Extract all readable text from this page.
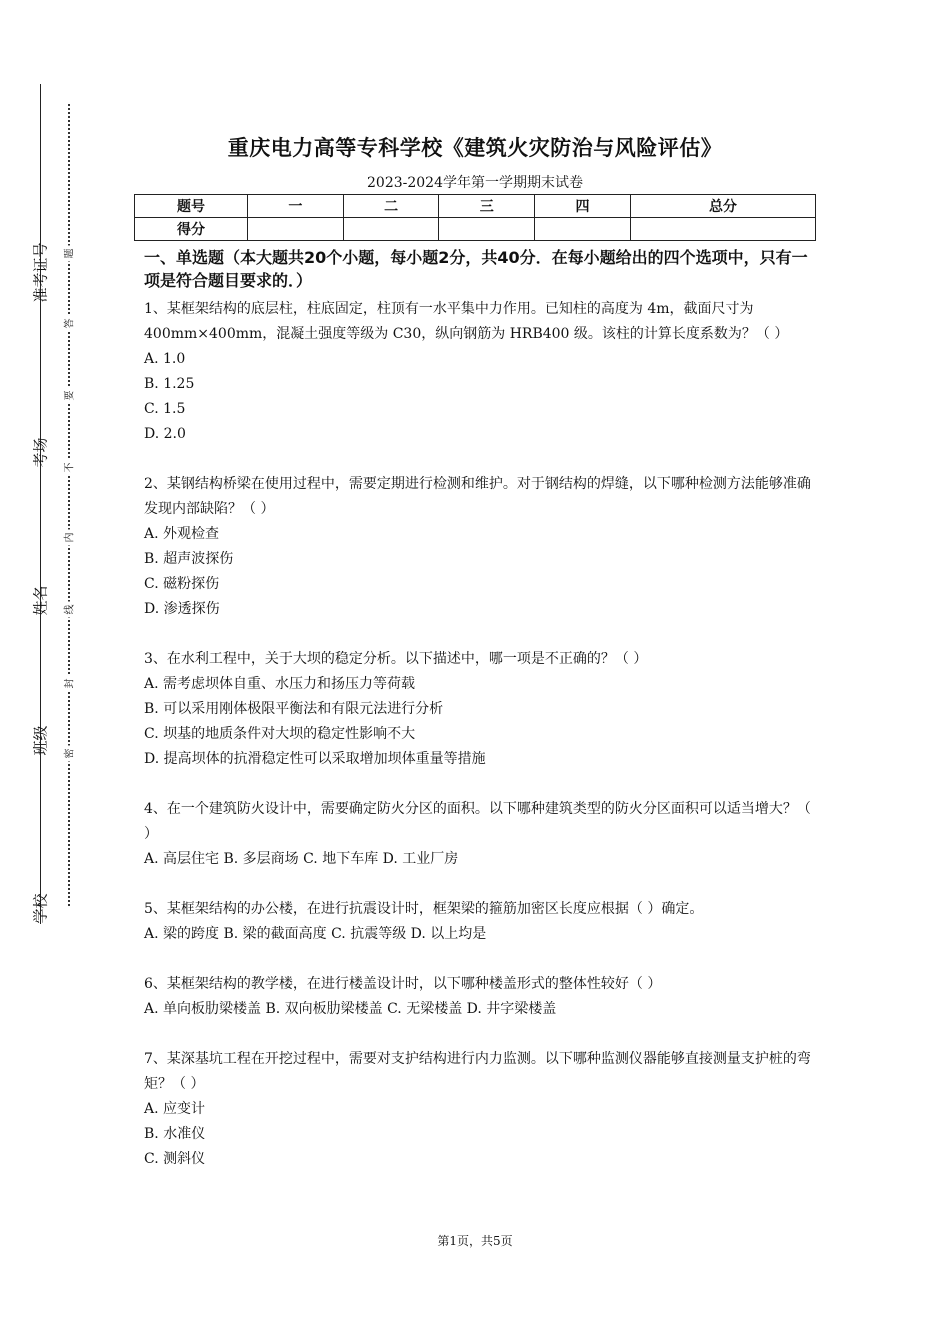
准考证号
考场
姓名
班级
学校
题
答
要
不
内
线
封
密
重庆电力高等专科学校《建筑火灾防治与风险评估》
2023-2024学年第一学期期末试卷
题号	一	二	三	四	总分
得分					

一、单选题（本大题共20个小题，每小题2分，共40分．在每小题给出的四个选项中，只有一项是符合题目要求的．）

1、某框架结构的底层柱，柱底固定，柱顶有一水平集中力作用。已知柱的高度为 4m，截面尺寸为 400mm×400mm，混凝土强度等级为 C30，纵向钢筋为 HRB400 级。该柱的计算长度系数为？（ ）

A. 1.0

B. 1.25

C. 1.5

D. 2.0

2、某钢结构桥梁在使用过程中，需要定期进行检测和维护。对于钢结构的焊缝，以下哪种检测方法能够准确发现内部缺陷？（ ）

A. 外观检查

B. 超声波探伤

C. 磁粉探伤

D. 渗透探伤

3、在水利工程中，关于大坝的稳定分析。以下描述中，哪一项是不正确的？（ ）

A. 需考虑坝体自重、水压力和扬压力等荷载

B. 可以采用刚体极限平衡法和有限元法进行分析

C. 坝基的地质条件对大坝的稳定性影响不大

D. 提高坝体的抗滑稳定性可以采取增加坝体重量等措施

4、在一个建筑防火设计中，需要确定防火分区的面积。以下哪种建筑类型的防火分区面积可以适当增大？（ ）

A. 高层住宅 B. 多层商场 C. 地下车库 D. 工业厂房

5、某框架结构的办公楼，在进行抗震设计时，框架梁的箍筋加密区长度应根据（ ）确定。

A. 梁的跨度 B. 梁的截面高度 C. 抗震等级 D. 以上均是

6、某框架结构的教学楼，在进行楼盖设计时，以下哪种楼盖形式的整体性较好（ ）

A. 单向板肋梁楼盖 B. 双向板肋梁楼盖 C. 无梁楼盖 D. 井字梁楼盖

7、某深基坑工程在开挖过程中，需要对支护结构进行内力监测。以下哪种监测仪器能够直接测量支护桩的弯矩？（ ）

A. 应变计

B. 水准仪

C. 测斜仪

第1页，共5页
